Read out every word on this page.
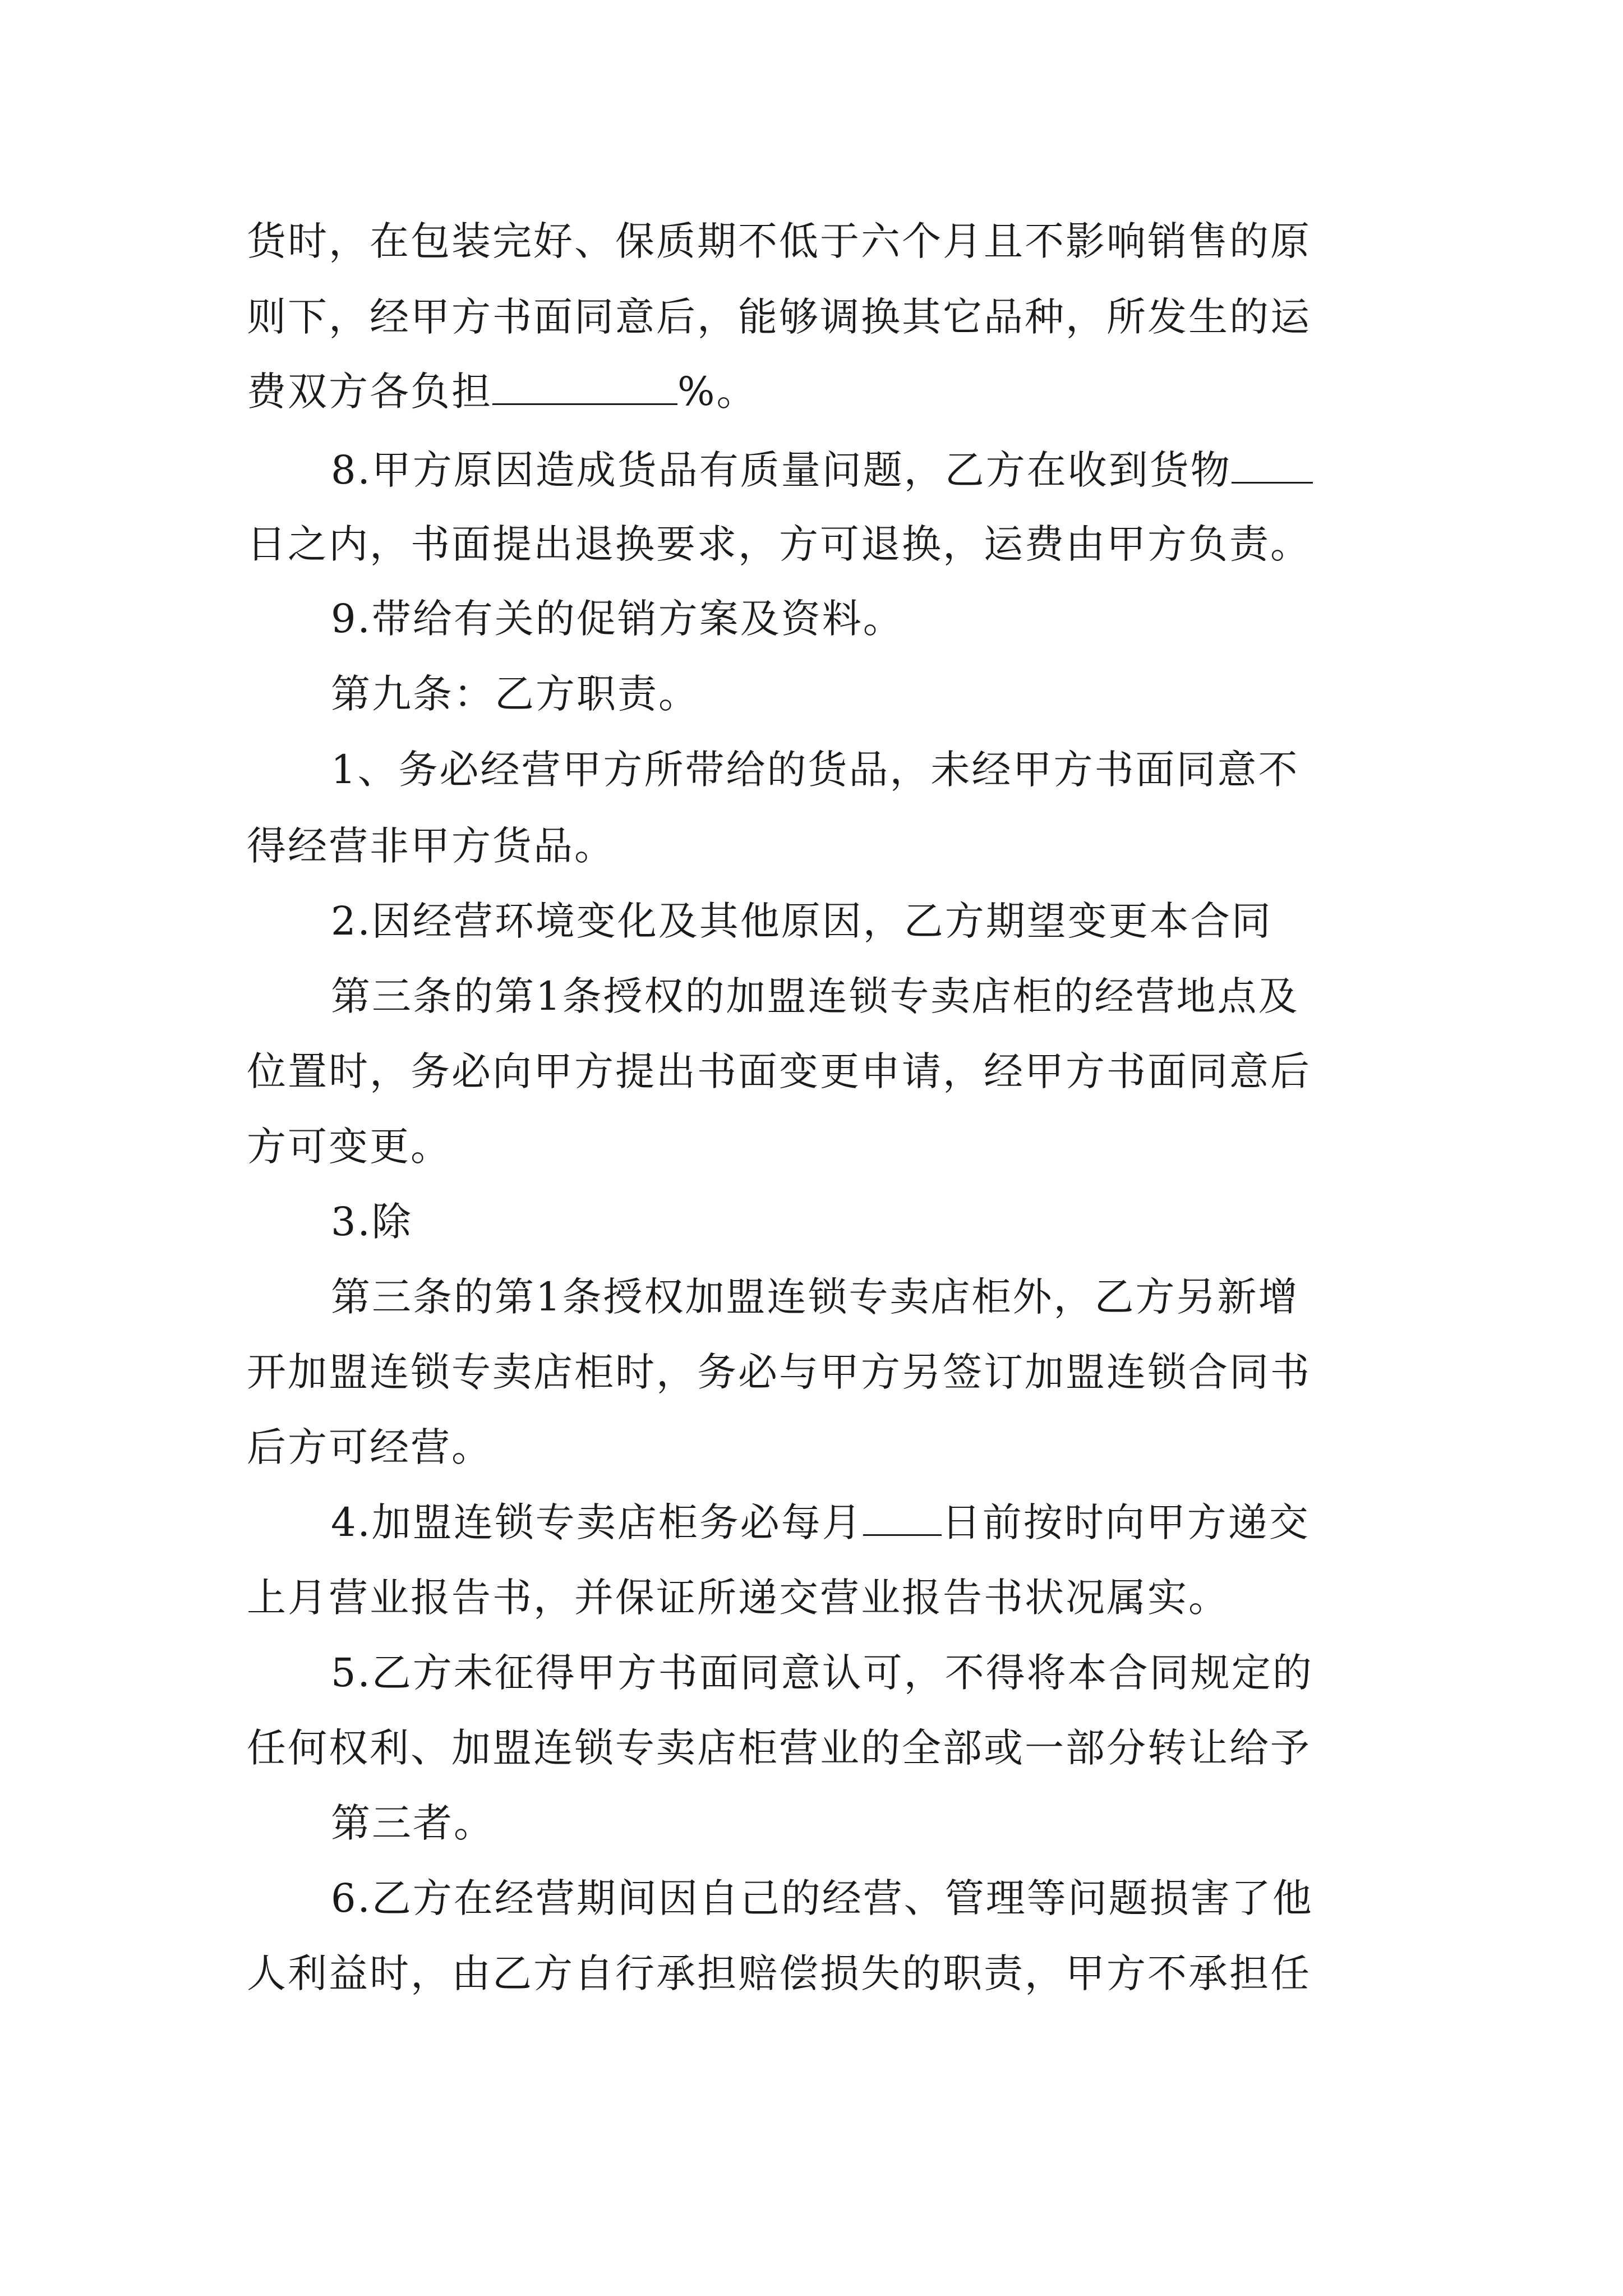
货时，在包装完好、保质期不低于六个月且不影响销售的原
则下，经甲方书面同意后，能够调换其它品种，所发生的运
费双方各负担	%。
8.甲方原因造成货品有质量问题，乙方在收到货物
日之内，书面提出退换要求，方可退换，运费由甲方负责。
9.带给有关的促销方案及资料。
第九条：乙方职责。
1、务必经营甲方所带给的货品，未经甲方书面同意不
得经营非甲方货品。
2.因经营环境变化及其他原因，乙方期望变更本合同
第三条的第1条授权的加盟连锁专卖店柜的经营地点及
位置时，务必向甲方提出书面变更申请，经甲方书面同意后
方可变更。
3.除
第三条的第1条授权加盟连锁专卖店柜外，乙方另新增
开加盟连锁专卖店柜时，务必与甲方另签订加盟连锁合同书
后方可经营。
4.加盟连锁专卖店柜务必每月 日前按时向甲方递交
上月营业报告书，并保证所递交营业报告书状况属实。
5.乙方未征得甲方书面同意认可，不得将本合同规定的
任何权利、加盟连锁专卖店柜营业的全部或一部分转让给予
第三者。
6.乙方在经营期间因自己的经营、管理等问题损害了他
人利益时，由乙方自行承担赔偿损失的职责，甲方不承担任
